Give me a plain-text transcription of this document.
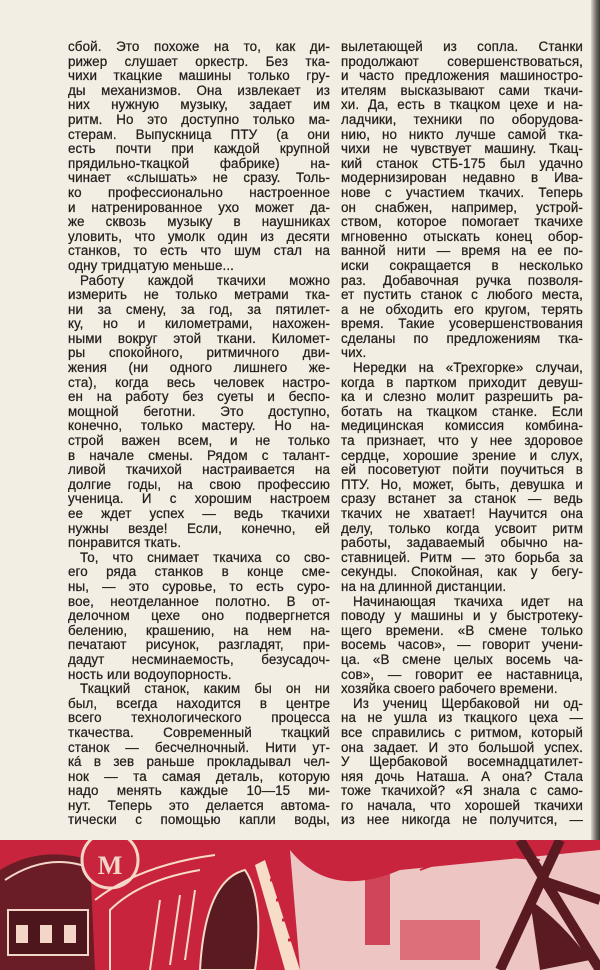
сбой. Это похоже на то, как ди-
рижер слушает оркестр. Без тка-
чихи ткацкие машины только гру-
ды механизмов. Она извлекает из
них нужную музыку, задает им
ритм. Но это доступно только ма-
стерам. Выпускница ПТУ (а они
есть почти при каждой крупной
прядильно-ткацкой фабрике) на-
чинает «слышать» не сразу. Толь-
ко профессионально настроенное
и натренированное ухо может да-
же сквозь музыку в наушниках
уловить, что умолк один из десяти
станков, то есть что шум стал на
одну тридцатую меньше...
Работу каждой ткачихи можно
измерить не только метрами тка-
ни за смену, за год, за пятилет-
ку, но и километрами, нахожен-
ными вокруг этой ткани. Километ-
ры спокойного, ритмичного дви-
жения (ни одного лишнего же-
ста), когда весь человек настро-
ен на работу без суеты и беспо-
мощной беготни. Это доступно,
конечно, только мастеру. Но на-
строй важен всем, и не только
в начале смены. Рядом с талант-
ливой ткачихой настраивается на
долгие годы, на свою профессию
ученица. И с хорошим настроем
ее ждет успех — ведь ткачихи
нужны везде! Если, конечно, ей
понравится ткать.
То, что снимает ткачиха со сво-
его ряда станков в конце сме-
ны, — это суровье, то есть суро-
вое, неотделанное полотно. В от-
делочном цехе оно подвергнется
белению, крашению, на нем на-
печатают рисунок, разгладят, при-
дадут несминаемость, безусадоч-
ность или водоупорность.
Ткацкий станок, каким бы он ни
был, всегда находится в центре
всего технологического процесса
ткачества. Современный ткацкий
станок — бесчелночный. Нити ут-
кá в зев раньше прокладывал чел-
нок — та самая деталь, которую
надо менять каждые 10—15 ми-
нут. Теперь это делается автома-
тически с помощью капли воды,
вылетающей из сопла. Станки
продолжают совершенствоваться,
и часто предложения машиностро-
ителям высказывают сами ткачи-
хи. Да, есть в ткацком цехе и на-
ладчики, техники по оборудова-
нию, но никто лучше самой тка-
чихи не чувствует машину. Ткац-
кий станок СТБ-175 был удачно
модернизирован недавно в Ива-
нове с участием ткачих. Теперь
он снабжен, например, устрой-
ством, которое помогает ткачихе
мгновенно отыскать конец обор-
ванной нити — время на ее по-
иски сокращается в несколько
раз. Добавочная ручка позволя-
ет пустить станок с любого места,
а не обходить его кругом, терять
время. Такие усовершенствования
сделаны по предложениям тка-
чих.
Нередки на «Трехгорке» случаи,
когда в партком приходит девуш-
ка и слезно молит разрешить ра-
ботать на ткацком станке. Если
медицинская комиссия комбина-
та признает, что у нее здоровое
сердце, хорошие зрение и слух,
ей посоветуют пойти поучиться в
ПТУ. Но, может, быть, девушка и
сразу встанет за станок — ведь
ткачих не хватает! Научится она
делу, только когда усвоит ритм
работы, задаваемый обычно на-
ставницей. Ритм — это борьба за
секунды. Спокойная, как у бегу-
на на длинной дистанции.
Начинающая ткачиха идет на
поводу у машины и у быстротеку-
щего времени. «В смене только
восемь часов», — говорит учени-
ца. «В смене целых восемь ча-
сов», — говорит ее наставница,
хозяйка своего рабочего времени.
Из учениц Щербаковой ни од-
на не ушла из ткацкого цеха —
все справились с ритмом, который
она задает. И это большой успех.
У Щербаковой восемнадцатилет-
няя дочь Наташа. А она? Стала
тоже ткачихой? «Я знала с само-
го начала, что хорошей ткачихи
из нее никогда не получится, —
М
